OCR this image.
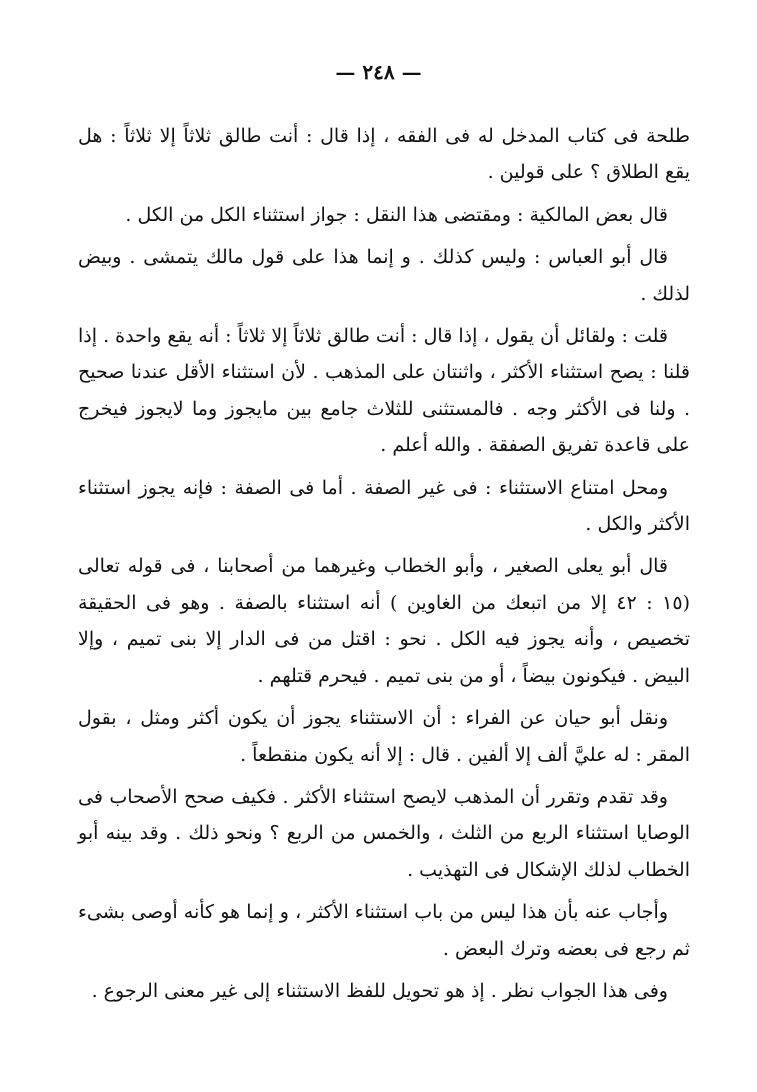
— ٢٤٨ —

طلحة فى كتاب المدخل له فى الفقه ، إذا قال : أنت طالق ثلاثاً إلا ثلاثاً : هل يقع الطلاق ؟ على قولين .

قال بعض المالكية : ومقتضى هذا النقل : جواز استثناء الكل من الكل .

قال أبو العباس : وليس كذلك . و إنما هذا على قول مالك يتمشى . وبيض لذلك .

قلت : ولقائل أن يقول ، إذا قال : أنت طالق ثلاثاً إلا ثلاثاً : أنه يقع واحدة . إذا قلنا : يصح استثناء الأكثر ، واثنتان على المذهب . لأن استثناء الأقل عندنا صحيح . ولنا فى الأكثر وجه . فالمستثنى للثلاث جامع بين مايجوز وما لايجوز فيخرج على قاعدة تفريق الصفقة . والله أعلم .

ومحل امتناع الاستثناء : فى غير الصفة . أما فى الصفة : فإنه يجوز استثناء الأكثر والكل .

قال أبو يعلى الصغير ، وأبو الخطاب وغيرهما من أصحابنا ، فى قوله تعالى (١٥ : ٤٢ إلا من اتبعك من الغاوين ) أنه استثناء بالصفة . وهو فى الحقيقة تخصيص ، وأنه يجوز فيه الكل . نحو : اقتل من فى الدار إلا بنى تميم ، وإلا البيض . فيكونون بيضاً ، أو من بنى تميم . فيحرم قتلهم .

ونقل أبو حيان عن الفراء : أن الاستثناء يجوز أن يكون أكثر ومثل ، بقول المقر : له عليَّ ألف إلا ألفين . قال : إلا أنه يكون منقطعاً .

وقد تقدم وتقرر أن المذهب لايصح استثناء الأكثر . فكيف صحح الأصحاب فى الوصايا استثناء الربع من الثلث ، والخمس من الربع ؟ ونحو ذلك . وقد بينه أبو الخطاب لذلك الإشكال فى التهذيب .

وأجاب عنه بأن هذا ليس من باب استثناء الأكثر ، و إنما هو كأنه أوصى بشىء ثم رجع فى بعضه وترك البعض .

وفى هذا الجواب نظر . إذ هو تحويل للفظ الاستثناء إلى غير معنى الرجوع .
